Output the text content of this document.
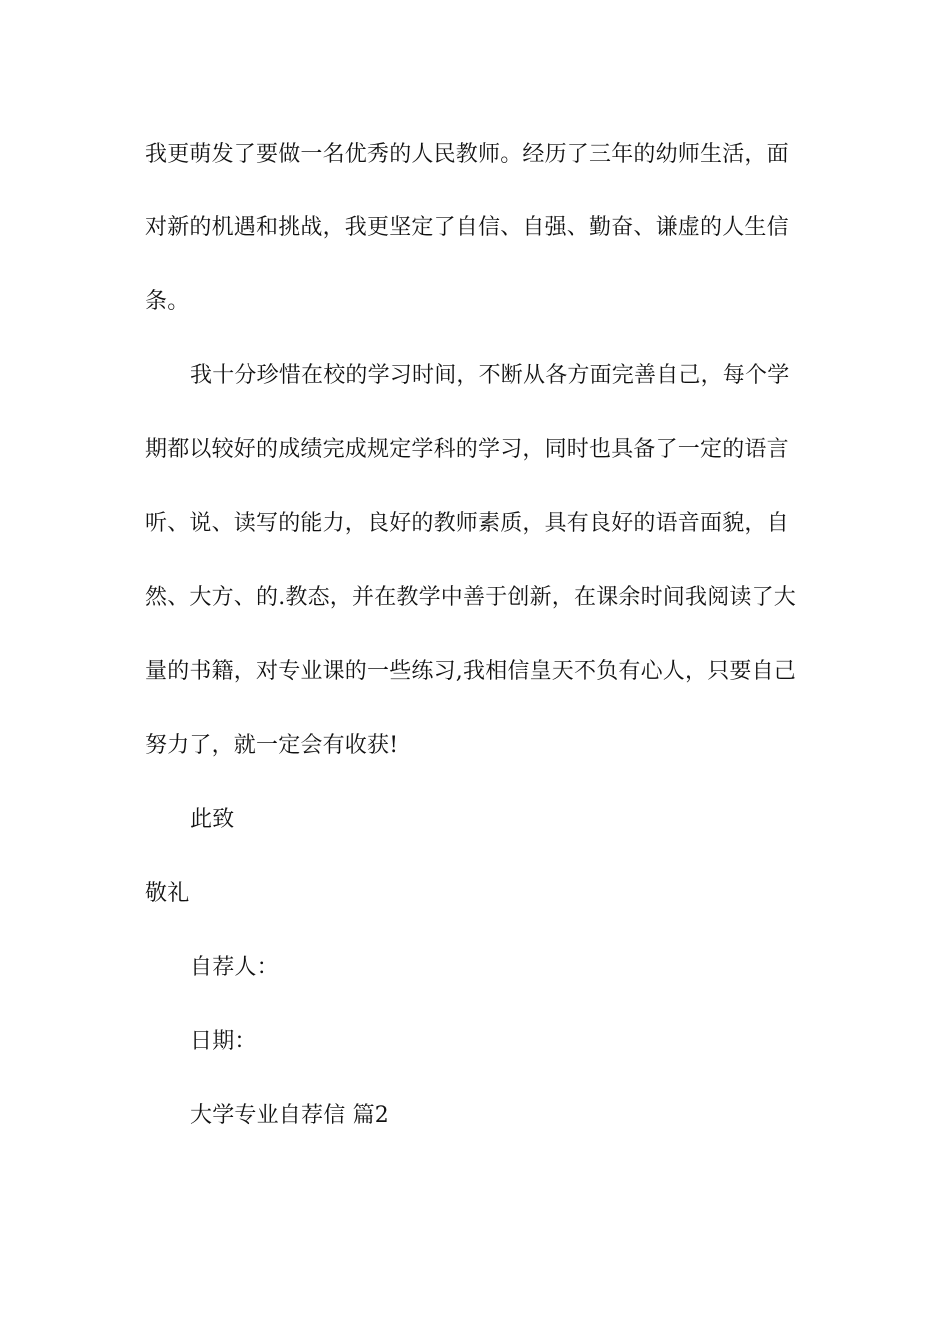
我更萌发了要做一名优秀的人民教师。经历了三年的幼师生活，面
对新的机遇和挑战，我更坚定了自信、自强、勤奋、谦虚的人生信
条。
我十分珍惜在校的学习时间，不断从各方面完善自己，每个学
期都以较好的成绩完成规定学科的学习，同时也具备了一定的语言
听、说、读写的能力，良好的教师素质，具有良好的语音面貌，自
然、大方、的.教态，并在教学中善于创新，在课余时间我阅读了大
量的书籍，对专业课的一些练习,我相信皇天不负有心人，只要自己
努力了，就一定会有收获!
此致
敬礼
自荐人：
日期：
大学专业自荐信 篇2
